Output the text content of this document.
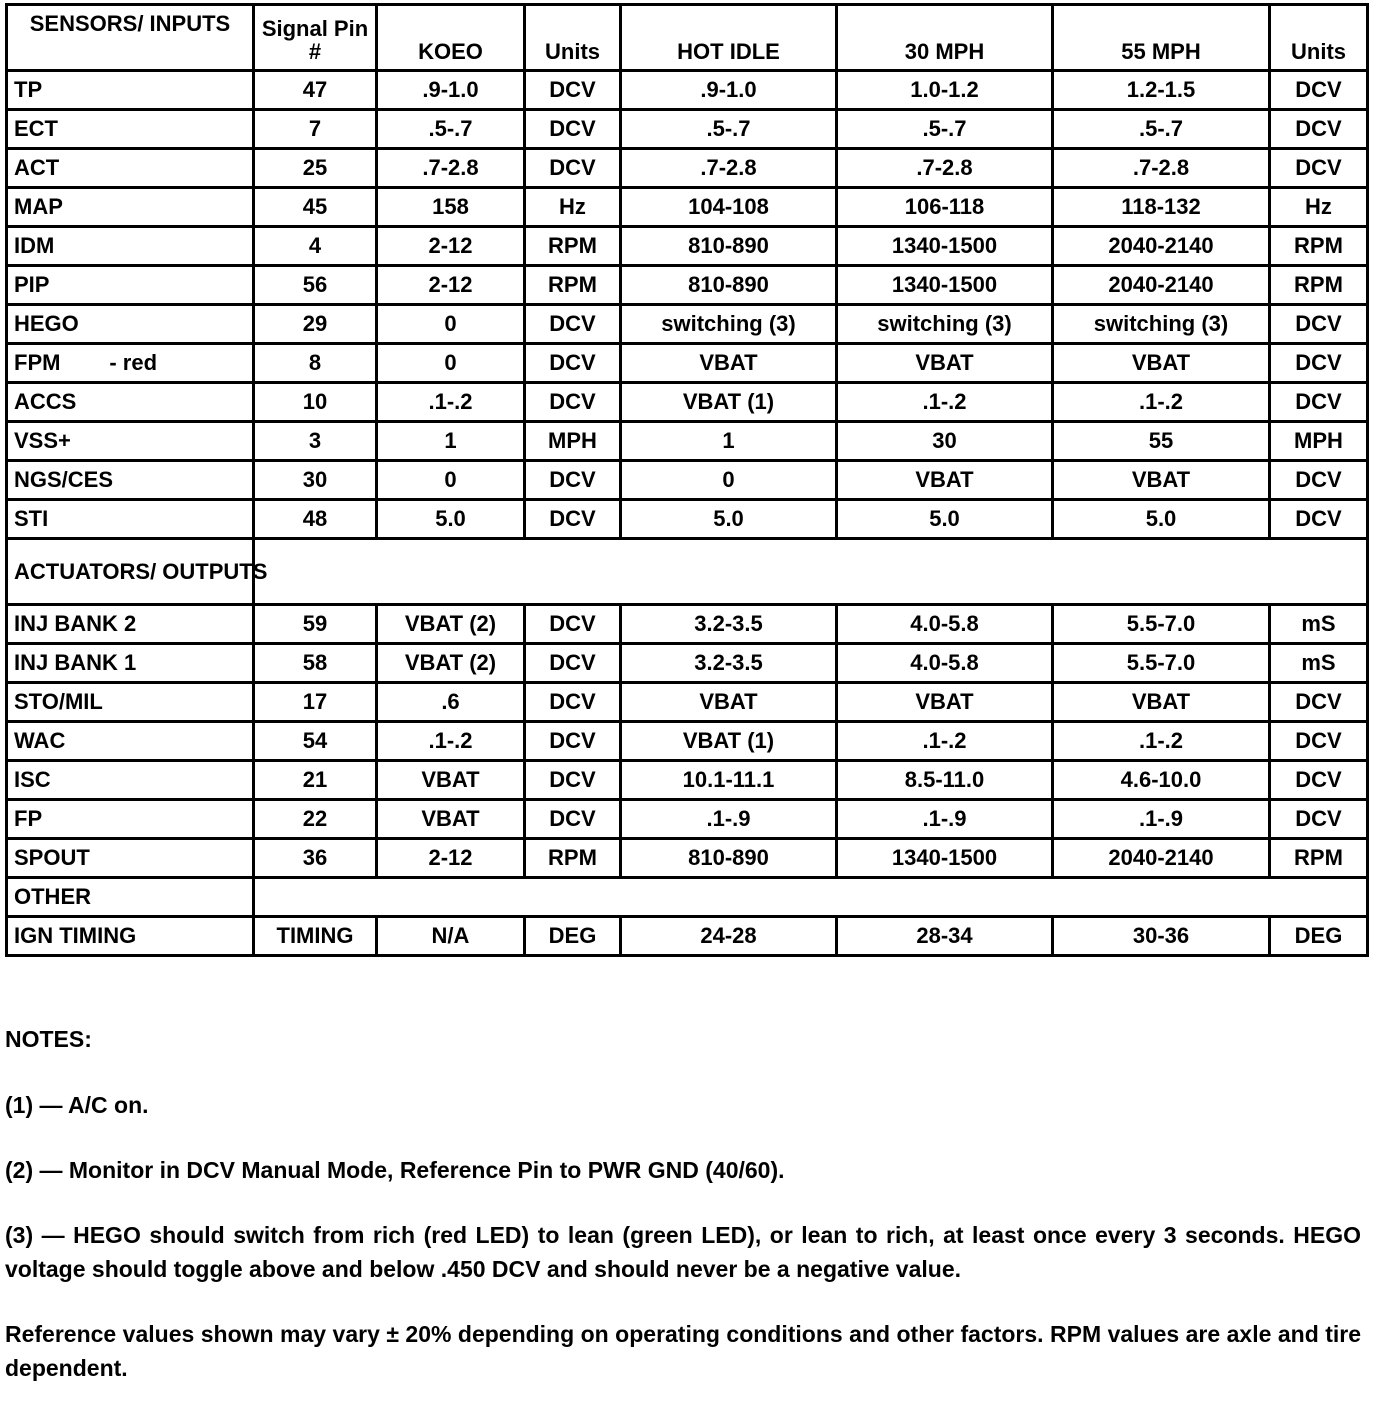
SENSORS/ INPUTS	Signal Pin #	KOEO	Units	HOT IDLE	30 MPH	55 MPH	Units
TP	47	.9-1.0	DCV	.9-1.0	1.0-1.2	1.2-1.5	DCV
ECT	7	.5-.7	DCV	.5-.7	.5-.7	.5-.7	DCV
ACT	25	.7-2.8	DCV	.7-2.8	.7-2.8	.7-2.8	DCV
MAP	45	158	Hz	104-108	106-118	118-132	Hz
IDM	4	2-12	RPM	810-890	1340-1500	2040-2140	RPM
PIP	56	2-12	RPM	810-890	1340-1500	2040-2140	RPM
HEGO	29	0	DCV	switching (3)	switching (3)	switching (3)	DCV
FPM        - red	8	0	DCV	VBAT	VBAT	VBAT	DCV
ACCS	10	.1-.2	DCV	VBAT (1)	.1-.2	.1-.2	DCV
VSS+	3	1	MPH	1	30	55	MPH
NGS/CES	30	0	DCV	0	VBAT	VBAT	DCV
STI	48	5.0	DCV	5.0	5.0	5.0	DCV
ACTUATORS/ OUTPUTS							
INJ BANK 2	59	VBAT (2)	DCV	3.2-3.5	4.0-5.8	5.5-7.0	mS
INJ BANK 1	58	VBAT (2)	DCV	3.2-3.5	4.0-5.8	5.5-7.0	mS
STO/MIL	17	.6	DCV	VBAT	VBAT	VBAT	DCV
WAC	54	.1-.2	DCV	VBAT (1)	.1-.2	.1-.2	DCV
ISC	21	VBAT	DCV	10.1-11.1	8.5-11.0	4.6-10.0	DCV
FP	22	VBAT	DCV	.1-.9	.1-.9	.1-.9	DCV
SPOUT	36	2-12	RPM	810-890	1340-1500	2040-2140	RPM
OTHER							
IGN TIMING	TIMING	N/A	DEG	24-28	28-34	30-36	DEG

NOTES:

(1) — A/C on.

(2) — Monitor in DCV Manual Mode, Reference Pin to PWR GND (40/60).

(3) — HEGO should switch from rich (red LED) to lean (green LED), or lean to rich, at least once every 3 seconds. HEGO voltage should toggle above and below .450 DCV and should never be a negative value.

Reference values shown may vary ± 20% depending on operating conditions and other factors. RPM values are axle and tire dependent.
